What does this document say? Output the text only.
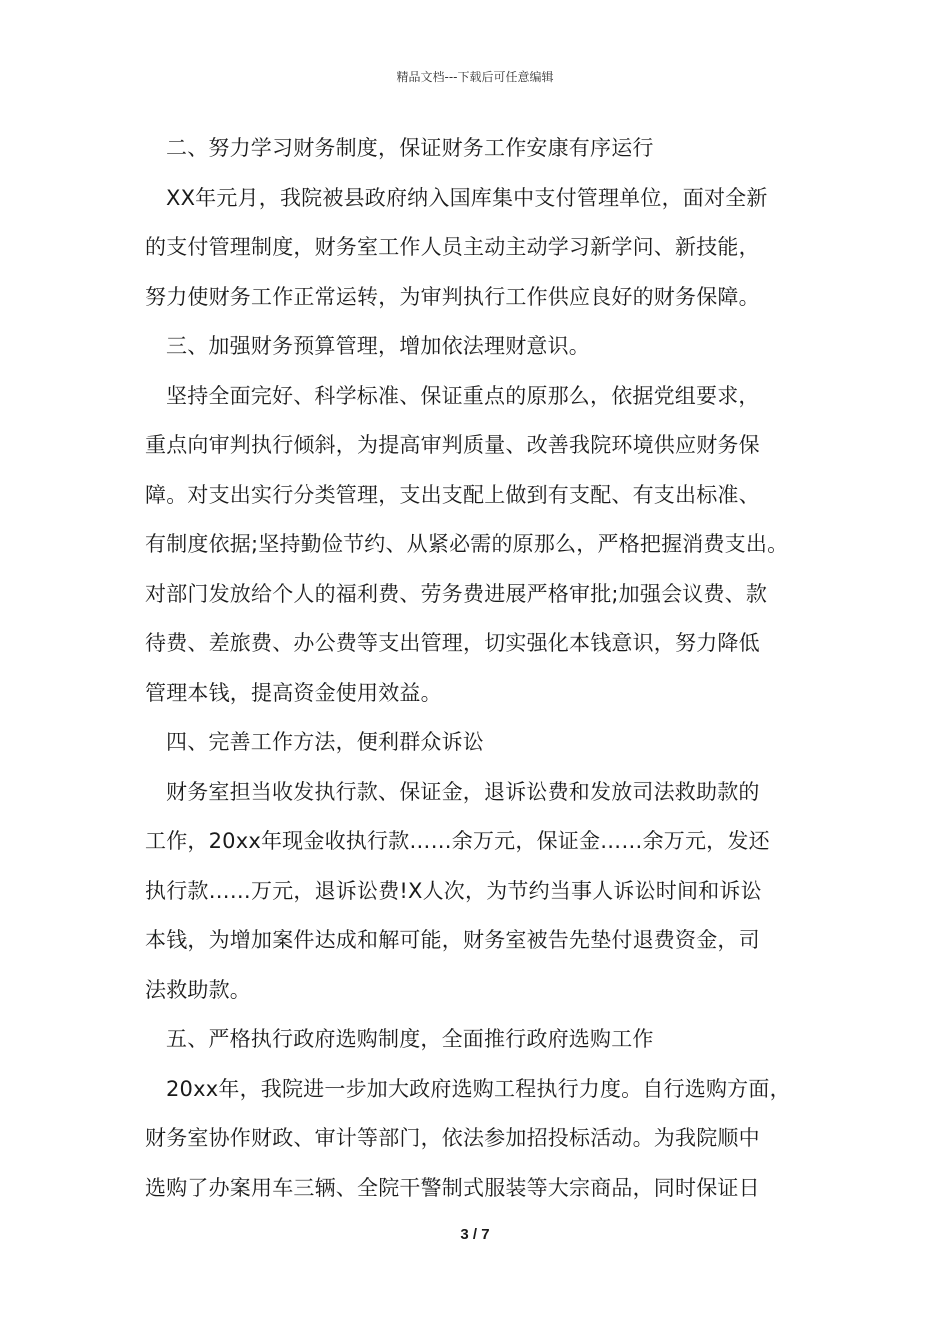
精品文档---下载后可任意编辑
二、努力学习财务制度，保证财务工作安康有序运行
XX年元月，我院被县政府纳入国库集中支付管理单位，面对全新
的支付管理制度，财务室工作人员主动主动学习新学问、新技能，
努力使财务工作正常运转，为审判执行工作供应良好的财务保障。
三、加强财务预算管理，增加依法理财意识。
坚持全面完好、科学标准、保证重点的原那么，依据党组要求，
重点向审判执行倾斜，为提高审判质量、改善我院环境供应财务保
障。对支出实行分类管理，支出支配上做到有支配、有支出标准、
有制度依据;坚持勤俭节约、从紧必需的原那么，严格把握消费支出。
对部门发放给个人的福利费、劳务费进展严格审批;加强会议费、款
待费、差旅费、办公费等支出管理，切实强化本钱意识，努力降低
管理本钱，提高资金使用效益。
四、完善工作方法，便利群众诉讼
财务室担当收发执行款、保证金，退诉讼费和发放司法救助款的
工作，20xx年现金收执行款……余万元，保证金……余万元，发还
执行款……万元，退诉讼费!X人次，为节约当事人诉讼时间和诉讼
本钱，为增加案件达成和解可能，财务室被告先垫付退费资金，司
法救助款。
五、严格执行政府选购制度，全面推行政府选购工作
20xx年，我院进一步加大政府选购工程执行力度。自行选购方面，
财务室协作财政、审计等部门，依法参加招投标活动。为我院顺中
选购了办案用车三辆、全院干警制式服装等大宗商品，同时保证日
3 / 7
